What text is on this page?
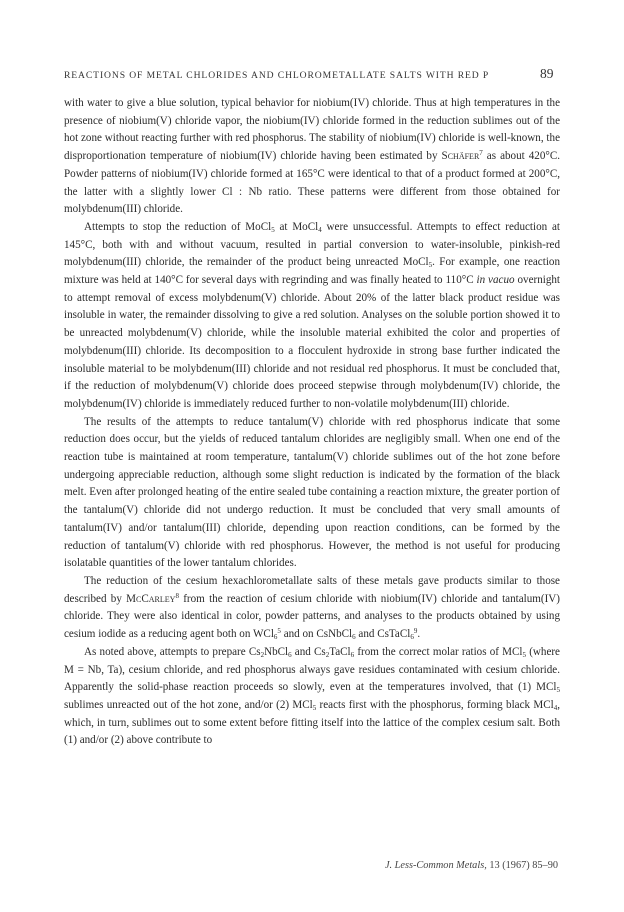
REACTIONS OF METAL CHLORIDES AND CHLOROMETALLATE SALTS WITH RED P	89

with water to give a blue solution, typical behavior for niobium(IV) chloride. Thus at high temperatures in the presence of niobium(V) chloride vapor, the niobium(IV) chloride formed in the reduction sublimes out of the hot zone without reacting further with red phosphorus. The stability of niobium(IV) chloride is well-known, the disproportionation temperature of niobium(IV) chloride having been estimated by Schäfer$^7$ as about 420°C. Powder patterns of niobium(IV) chloride formed at 165°C were identical to that of a product formed at 200°C, the latter with a slightly lower Cl : Nb ratio. These patterns were different from those obtained for molybdenum(III) chloride.

Attempts to stop the reduction of MoCl$_5$ at MoCl$_4$ were unsuccessful. Attempts to effect reduction at 145°C, both with and without vacuum, resulted in partial conversion to water-insoluble, pinkish-red molybdenum(III) chloride, the remainder of the product being unreacted MoCl$_5$. For example, one reaction mixture was held at 140°C for several days with regrinding and was finally heated to 110°C in vacuo overnight to attempt removal of excess molybdenum(V) chloride. About 20% of the latter black product residue was insoluble in water, the remainder dissolving to give a red solution. Analyses on the soluble portion showed it to be unreacted molybdenum(V) chloride, while the insoluble material exhibited the color and properties of molybdenum(III) chloride. Its decomposition to a flocculent hydroxide in strong base further indicated the insoluble material to be molybdenum(III) chloride and not residual red phosphorus. It must be concluded that, if the reduction of molybdenum(V) chloride does proceed stepwise through molybdenum(IV) chloride, the molybdenum(IV) chloride is immediately reduced further to non-volatile molybdenum(III) chloride.

The results of the attempts to reduce tantalum(V) chloride with red phosphorus indicate that some reduction does occur, but the yields of reduced tantalum chlorides are negligibly small. When one end of the reaction tube is maintained at room temperature, tantalum(V) chloride sublimes out of the hot zone before undergoing appreciable reduction, although some slight reduction is indicated by the formation of the black melt. Even after prolonged heating of the entire sealed tube containing a reaction mixture, the greater portion of the tantalum(V) chloride did not undergo reduction. It must be concluded that very small amounts of tantalum(IV) and/or tantalum(III) chloride, depending upon reaction conditions, can be formed by the reduction of tantalum(V) chloride with red phosphorus. However, the method is not useful for producing isolatable quantities of the lower tantalum chlorides.

The reduction of the cesium hexachlorometallate salts of these metals gave products similar to those described by McCarley$^8$ from the reaction of cesium chloride with niobium(IV) chloride and tantalum(IV) chloride. They were also identical in color, powder patterns, and analyses to the products obtained by using cesium iodide as a reducing agent both on WCl$_6^5$ and on CsNbCl$_6$ and CsTaCl$_6^9$.

As noted above, attempts to prepare $Cs_2NbCl_6$ and $Cs_2TaCl_6$ from the correct molar ratios of MCl$_5$ (where M = Nb, Ta), cesium chloride, and red phosphorus always gave residues contaminated with cesium chloride. Apparently the solid-phase reaction proceeds so slowly, even at the temperatures involved, that (1) MCl$_5$ sublimes unreacted out of the hot zone, and/or (2) MCl$_5$ reacts first with the phosphorus, forming black MCl$_4$, which, in turn, sublimes out to some extent before fitting itself into the lattice of the complex cesium salt. Both (1) and/or (2) above contribute to

J. Less-Common Metals, 13 (1967) 85–90
